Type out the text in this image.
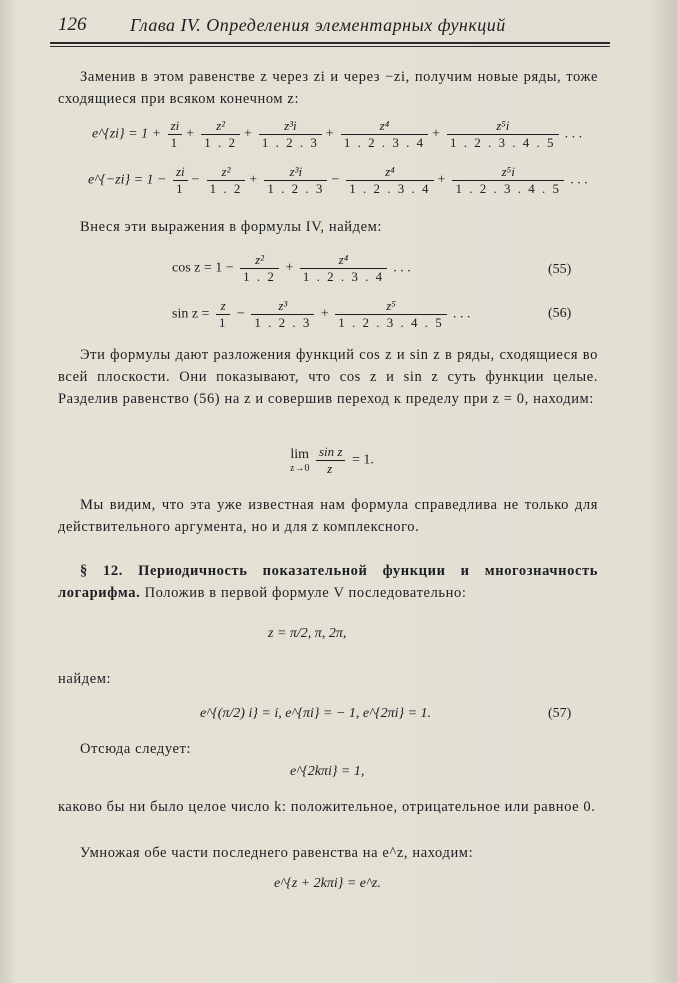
126 Глава IV. Определения элементарных функций
Заменив в этом равенстве z через zi и через −zi, получим новые ряды, тоже сходящиеся при всяком конечном z:
e^{zi} = $1 + \frac{zi}{1} + \frac{\text{z²}}{1 . 2} + \frac{\text{z³i}}{1 . 2 . 3} + \frac{\text{z⁴}}{1 . 2 . 3 . 4} + \frac{\text{z⁵i}}{1 . 2 . 3 . 4 . 5}$ . . .
e^{−zi} = $1 - \frac{zi}{1} - \frac{\text{z²}}{1 . 2} + \frac{\text{z³i}}{1 . 2 . 3} - \frac{\text{z⁴}}{1 . 2 . 3 . 4} + \frac{\text{z⁵i}}{1 . 2 . 3 . 4 . 5}$ . . .
Внеся эти выражения в формулы IV, найдем:
$\cos z = 1 - \frac{\text{z²}}{1 . 2} + \frac{\text{z⁴}}{1 . 2 . 3 . 4}$ . . .	(55)
$\sin z = \frac{z}{1} - \frac{\text{z³}}{1 . 2 . 3} + \frac{\text{z⁵}}{1 . 2 . 3 . 4 . 5}$ . . .	(56)
Эти формулы дают разложения функций cos z и sin z в ряды, сходящиеся во всей плоскости. Они показывают, что cos z и sin z суть функции целые. Разделив равенство (56) на z и совершив переход к пределу при z = 0, находим:
lim
z→0
$\frac{\text{sin z}}{z} = 1$.
Мы видим, что эта уже известная нам формула справедлива не только для действительного аргумента, но и для z комплексного.
§ 12. Периодичность показательной функции и многозначность логарифма. Положив в первой формуле V последовательно:
z = π/2, π, 2π,
найдем:
e^{(π/2) i} = i, e^{πi} = − 1, e^{2πi} = 1.	(57)
Отсюда следует:
e^{2kπi} = 1,
каково бы ни было целое число k: положительное, отрицательное или равное 0.
Умножая обе части последнего равенства на e^z, находим:
e^{z + 2kπi} = e^z.
